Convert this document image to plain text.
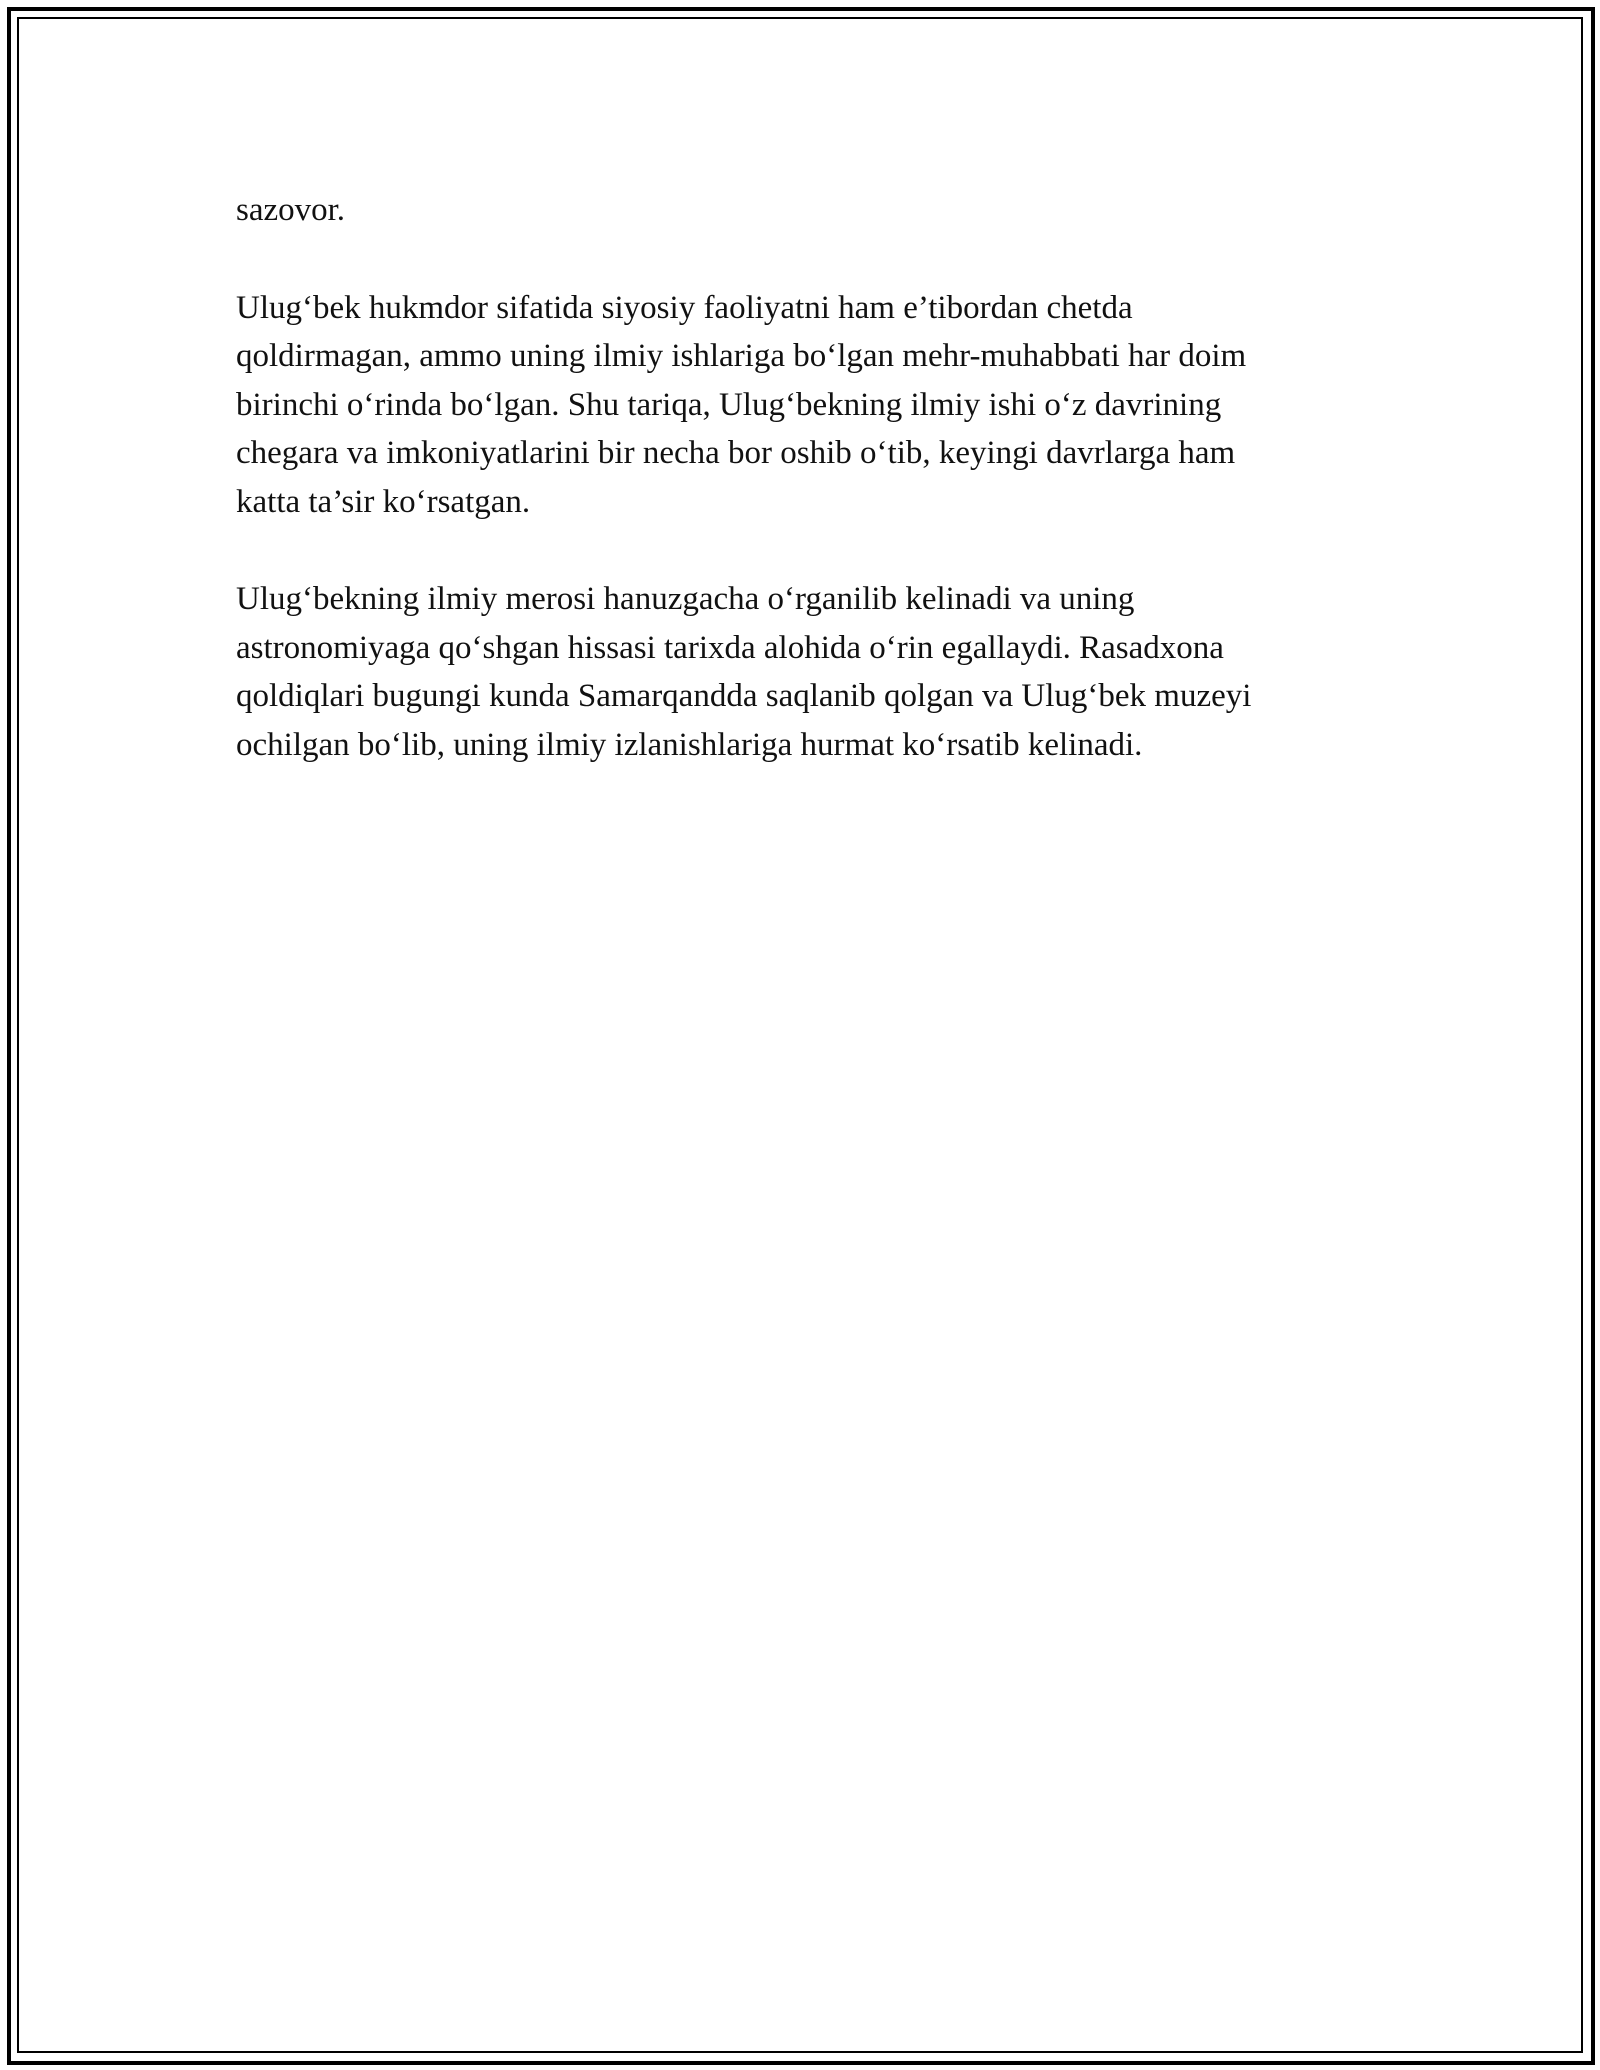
sazovor.

Ulug‘bek hukmdor sifatida siyosiy faoliyatni ham e’tibordan chetda
qoldirmagan, ammo uning ilmiy ishlariga bo‘lgan mehr-muhabbati har doim
birinchi o‘rinda bo‘lgan. Shu tariqa, Ulug‘bekning ilmiy ishi o‘z davrining
chegara va imkoniyatlarini bir necha bor oshib o‘tib, keyingi davrlarga ham
katta ta’sir ko‘rsatgan.

Ulug‘bekning ilmiy merosi hanuzgacha o‘rganilib kelinadi va uning
astronomiyaga qo‘shgan hissasi tarixda alohida o‘rin egallaydi. Rasadxona
qoldiqlari bugungi kunda Samarqandda saqlanib qolgan va Ulug‘bek muzeyi
ochilgan bo‘lib, uning ilmiy izlanishlariga hurmat ko‘rsatib kelinadi.
